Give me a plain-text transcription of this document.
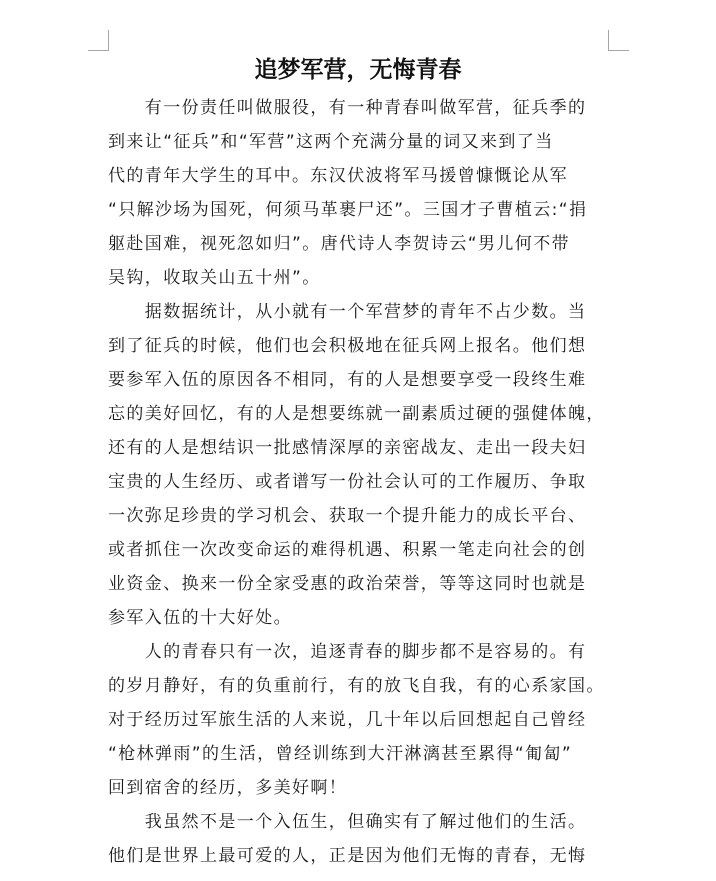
追梦军营，无悔青春

　　有一份责任叫做服役，有一种青春叫做军营，征兵季的
到来让“征兵”和“军营”这两个充满分量的词又来到了当
代的青年大学生的耳中。东汉伏波将军马援曾慷慨论从军
“只解沙场为国死，何须马革裹尸还”。三国才子曹植云:“捐
躯赴国难，视死忽如归”。唐代诗人李贺诗云“男儿何不带
吴钩，收取关山五十州”。

　　据数据统计，从小就有一个军营梦的青年不占少数。当
到了征兵的时候，他们也会积极地在征兵网上报名。他们想
要参军入伍的原因各不相同，有的人是想要享受一段终生难
忘的美好回忆，有的人是想要练就一副素质过硬的强健体魄，
还有的人是想结识一批感情深厚的亲密战友、走出一段夫妇
宝贵的人生经历、或者谱写一份社会认可的工作履历、争取
一次弥足珍贵的学习机会、获取一个提升能力的成长平台、
或者抓住一次改变命运的难得机遇、积累一笔走向社会的创
业资金、换来一份全家受惠的政治荣誉，等等这同时也就是
参军入伍的十大好处。

　　人的青春只有一次，追逐青春的脚步都不是容易的。有
的岁月静好，有的负重前行，有的放飞自我，有的心系家国。
对于经历过军旅生活的人来说，几十年以后回想起自己曾经
“枪林弹雨”的生活，曾经训练到大汗淋漓甚至累得“匍匐”
回到宿舍的经历，多美好啊！

　　我虽然不是一个入伍生，但确实有了解过他们的生活。
他们是世界上最可爱的人，正是因为他们无悔的青春，无悔
